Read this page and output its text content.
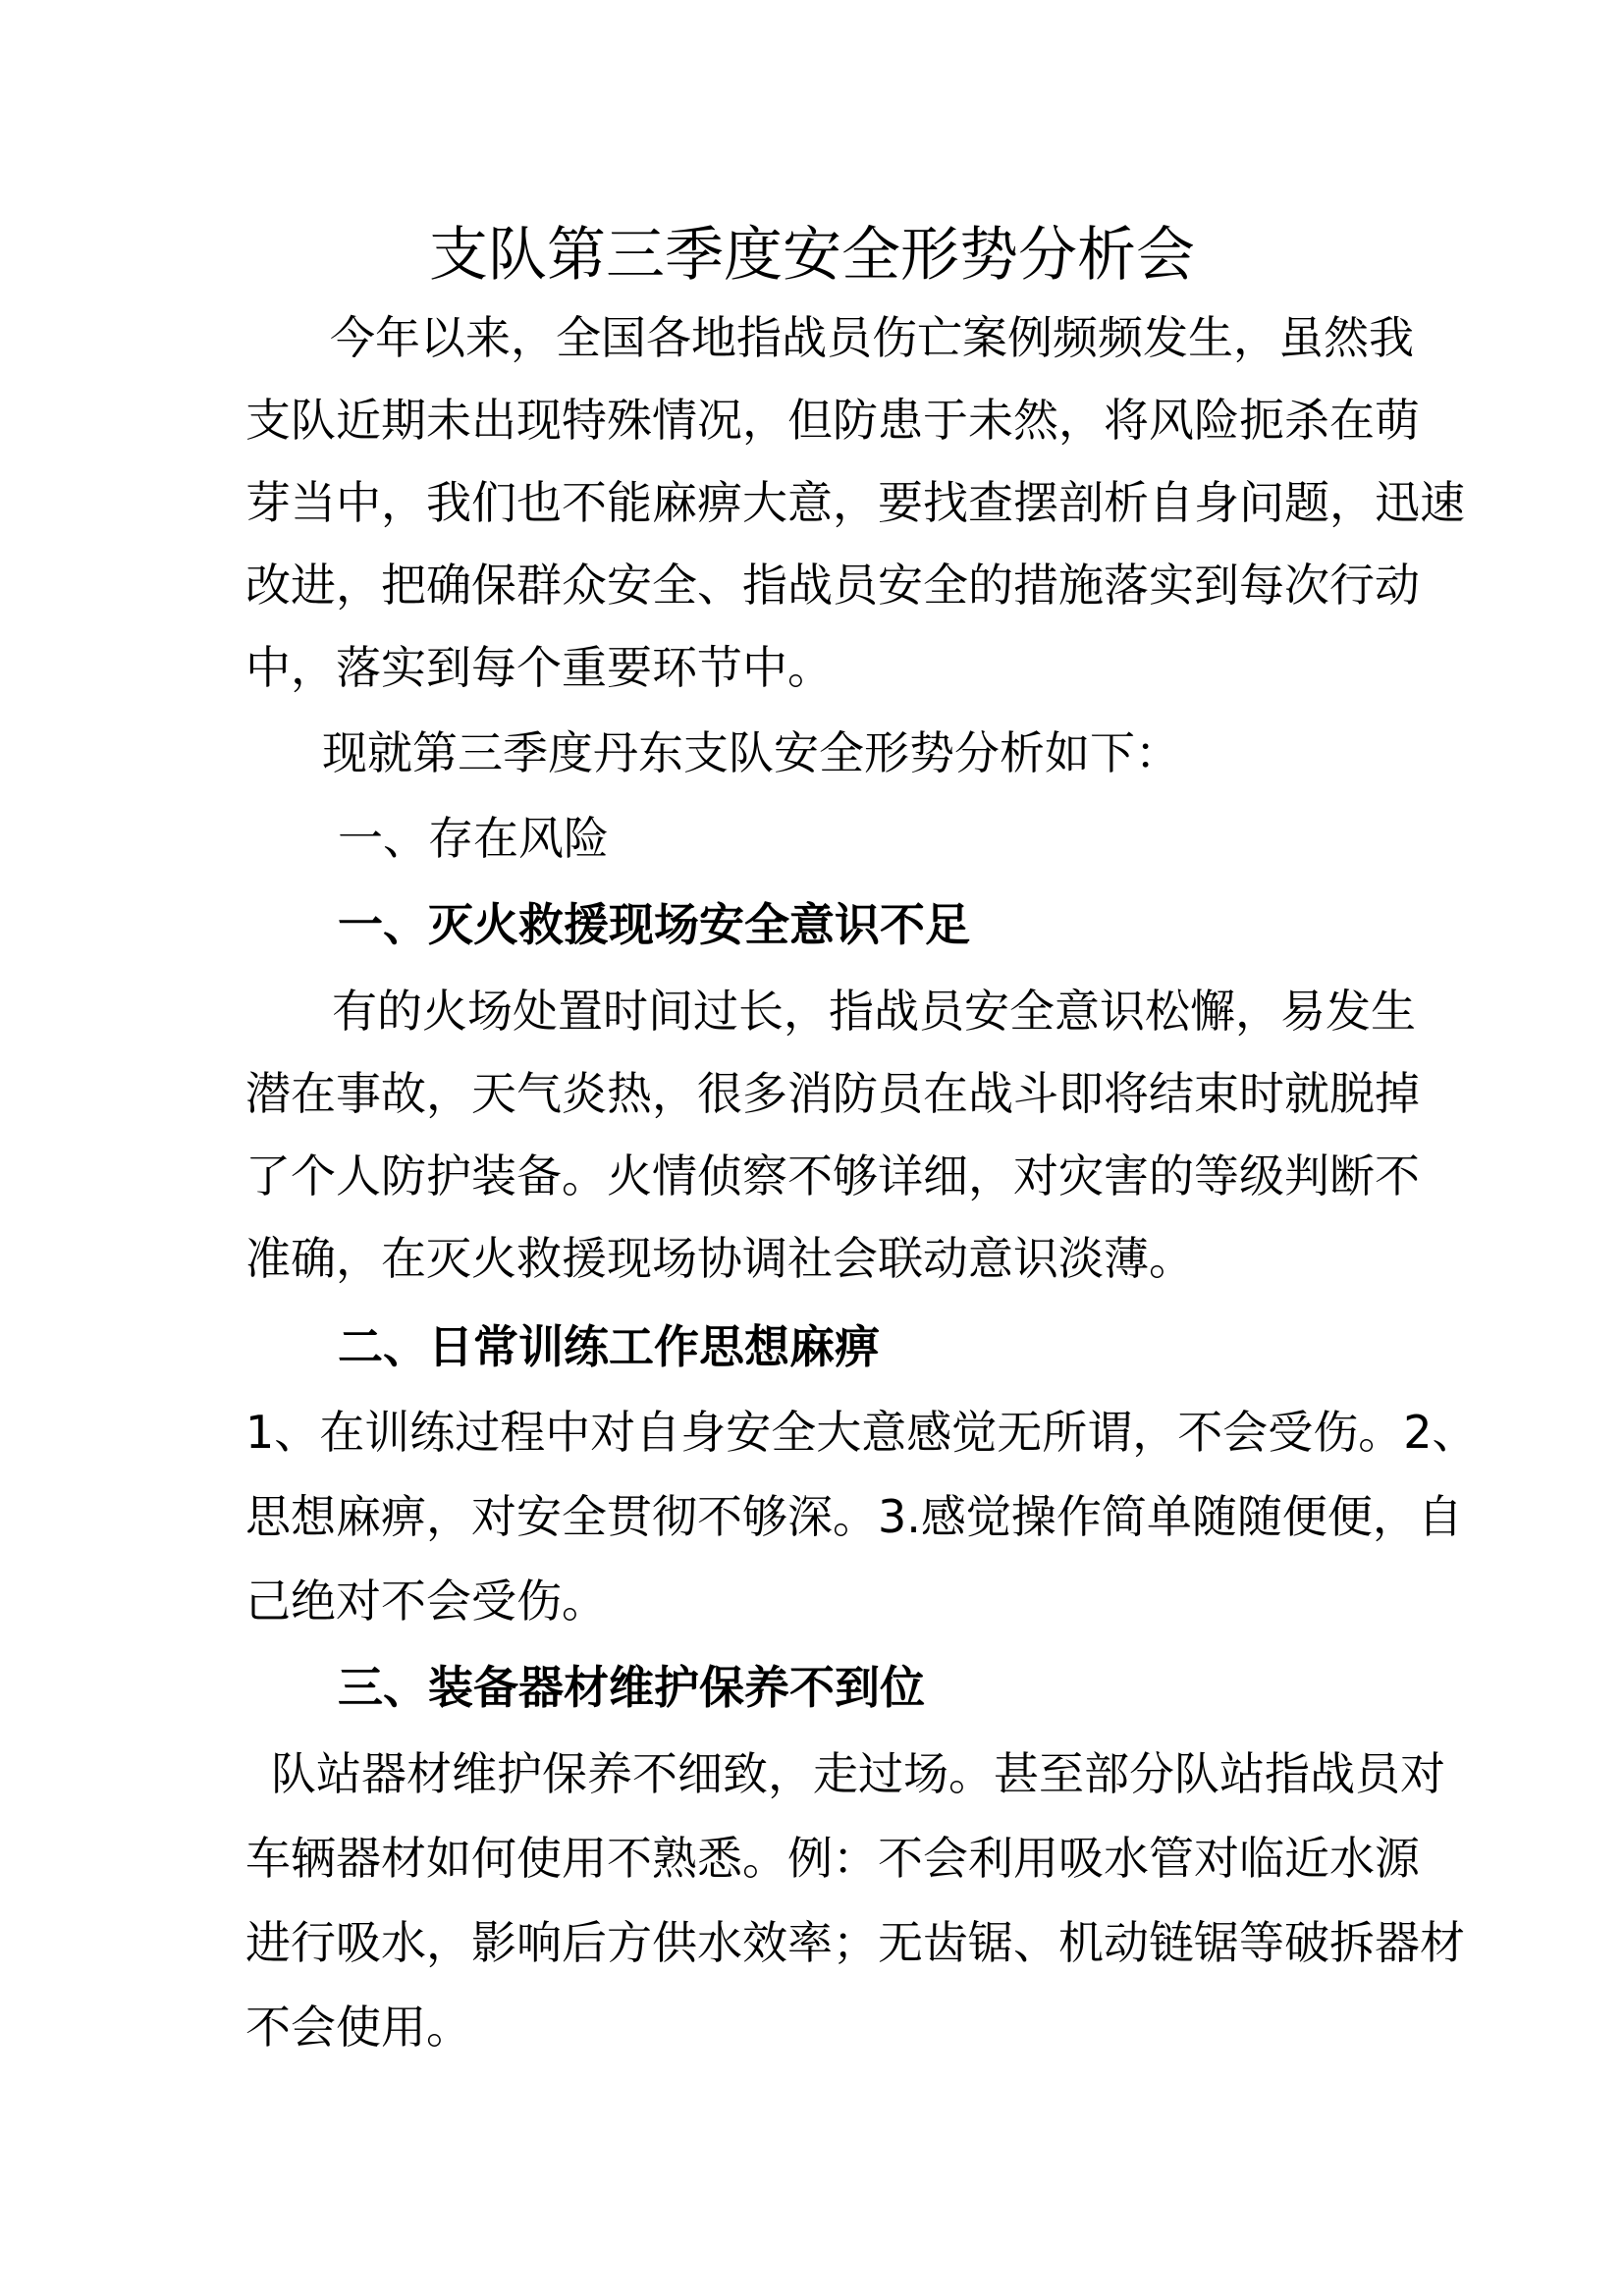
支队第三季度安全形势分析会
今年以来，全国各地指战员伤亡案例频频发生，虽然我
支队近期未出现特殊情况，但防患于未然，将风险扼杀在萌
芽当中，我们也不能麻痹大意，要找查摆剖析自身问题，迅速
改进，把确保群众安全、指战员安全的措施落实到每次行动
中，落实到每个重要环节中。
现就第三季度丹东支队安全形势分析如下：
一、存在风险
一、灭火救援现场安全意识不足
有的火场处置时间过长，指战员安全意识松懈，易发生
潜在事故，天气炎热，很多消防员在战斗即将结束时就脱掉
了个人防护装备。火情侦察不够详细，对灾害的等级判断不
准确，在灭火救援现场协调社会联动意识淡薄。
二、日常训练工作思想麻痹
1、在训练过程中对自身安全大意感觉无所谓，不会受伤。2、
思想麻痹，对安全贯彻不够深。3.感觉操作简单随随便便，自
己绝对不会受伤。
三、装备器材维护保养不到位
队站器材维护保养不细致，走过场。甚至部分队站指战员对
车辆器材如何使用不熟悉。例：不会利用吸水管对临近水源
进行吸水，影响后方供水效率；无齿锯、机动链锯等破拆器材
不会使用。
